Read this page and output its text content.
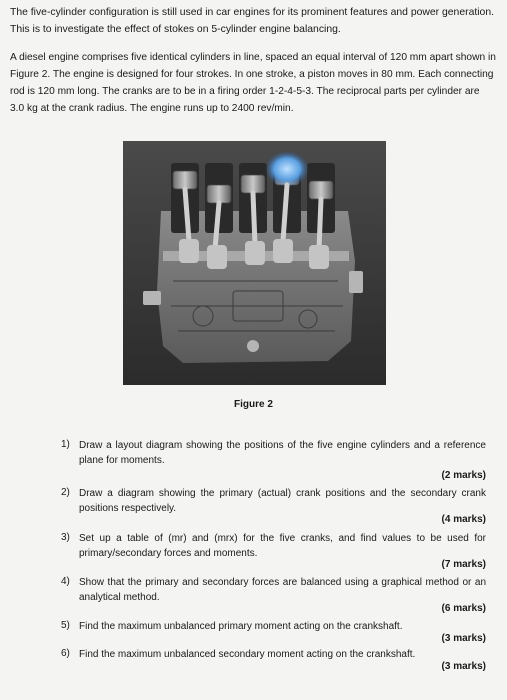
The five-cylinder configuration is still used in car engines for its prominent features and power generation. This is to investigate the effect of stokes on 5-cylinder engine balancing.

A diesel engine comprises five identical cylinders in line, spaced an equal interval of 120 mm apart shown in Figure 2. The engine is designed for four strokes. In one stroke, a piston moves in 80 mm. Each connecting rod is 120 mm long. The cranks are to be in a firing order 1-2-4-5-3. The reciprocal parts per cylinder are 3.0 kg at the crank radius. The engine runs up to 2400 rev/min.

Figure 2
1) Draw a layout diagram showing the positions of the five engine cylinders and a reference plane for moments.
(2 marks)
2) Draw a diagram showing the primary (actual) crank positions and the secondary crank positions respectively.
(4 marks)
3) Set up a table of (mr) and (mrx) for the five cranks, and find values to be used for primary/secondary forces and moments.
(7 marks)
4) Show that the primary and secondary forces are balanced using a graphical method or an analytical method.
(6 marks)
5) Find the maximum unbalanced primary moment acting on the crankshaft.
(3 marks)
6) Find the maximum unbalanced secondary moment acting on the crankshaft.
(3 marks)
